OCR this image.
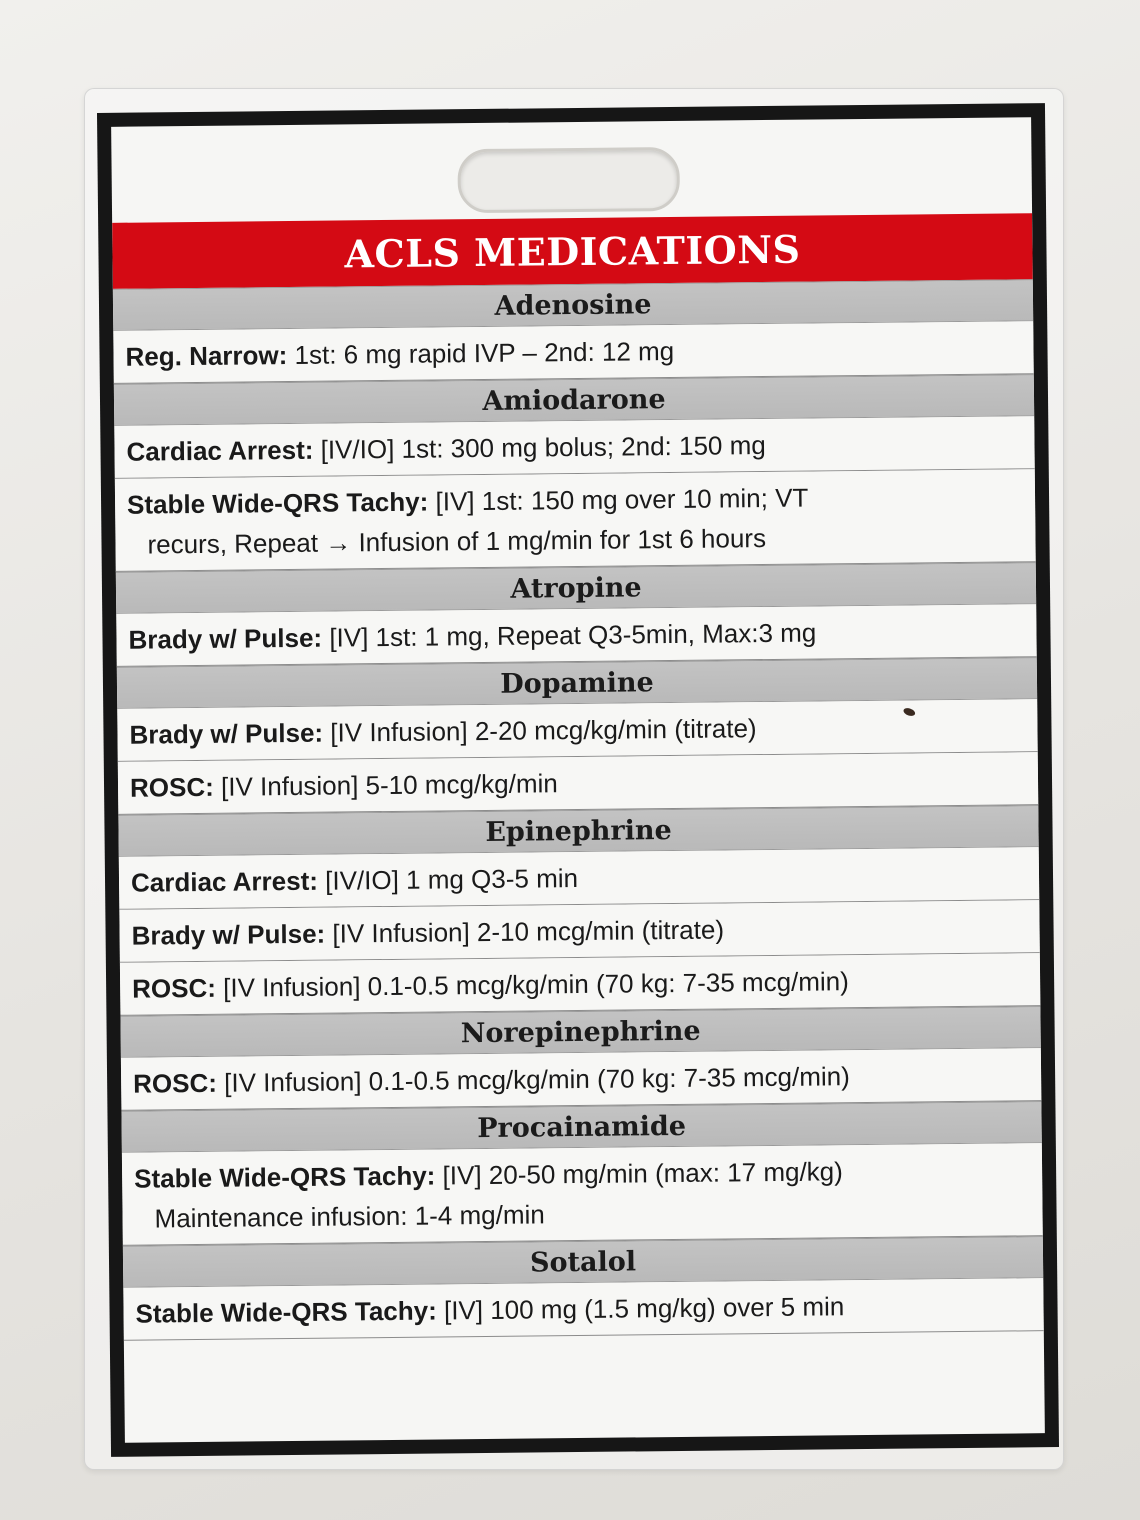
ACLS MEDICATIONS
Adenosine
Reg. Narrow: 1st: 6 mg rapid IVP – 2nd: 12 mg
Amiodarone
Cardiac Arrest: [IV/IO] 1st: 300 mg bolus; 2nd: 150 mg
Stable Wide-QRS Tachy: [IV] 1st: 150 mg over 10 min; VT
recurs, Repeat → Infusion of 1 mg/min for 1st 6 hours
Atropine
Brady w/ Pulse: [IV] 1st: 1 mg, Repeat Q3-5min, Max:3 mg
Dopamine
Brady w/ Pulse: [IV Infusion] 2-20 mcg/kg/min (titrate)
ROSC: [IV Infusion] 5-10 mcg/kg/min
Epinephrine
Cardiac Arrest: [IV/IO] 1 mg Q3-5 min
Brady w/ Pulse: [IV Infusion] 2-10 mcg/min (titrate)
ROSC: [IV Infusion] 0.1-0.5 mcg/kg/min (70 kg: 7-35 mcg/min)
Norepinephrine
ROSC: [IV Infusion] 0.1-0.5 mcg/kg/min (70 kg: 7-35 mcg/min)
Procainamide
Stable Wide-QRS Tachy: [IV] 20-50 mg/min (max: 17 mg/kg)
Maintenance infusion: 1-4 mg/min
Sotalol
Stable Wide-QRS Tachy: [IV] 100 mg (1.5 mg/kg) over 5 min
